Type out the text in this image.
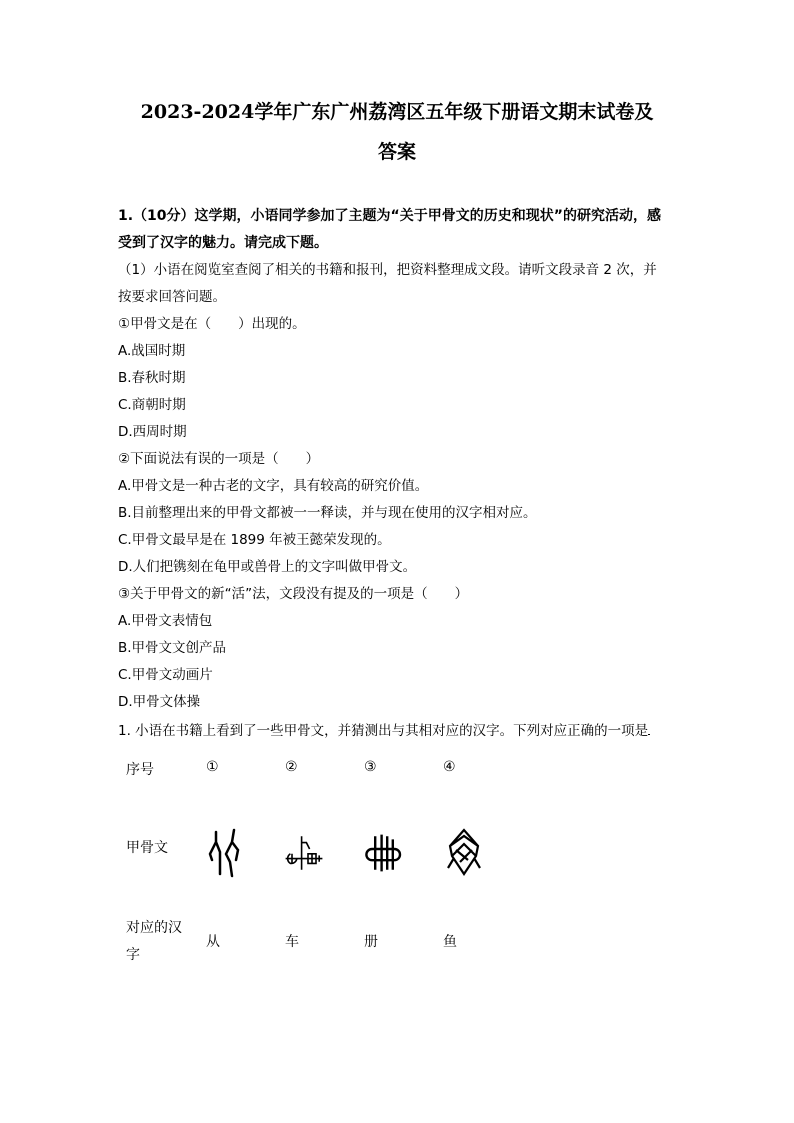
2023-2024学年广东广州荔湾区五年级下册语文期末试卷及
答案
1.（10分）这学期，小语同学参加了主题为“关于甲骨文的历史和现状”的研究活动，感
受到了汉字的魅力。请完成下题。
（1）小语在阅览室查阅了相关的书籍和报刊，把资料整理成文段。请听文段录音 2 次，并
按要求回答问题。
①甲骨文是在（　　）出现的。
A.战国时期
B.春秋时期
C.商朝时期
D.西周时期
②下面说法有误的一项是（　　）
A.甲骨文是一种古老的文字，具有较高的研究价值。
B.目前整理出来的甲骨文都被一一释读，并与现在使用的汉字相对应。
C.甲骨文最早是在 1899 年被王懿荣发现的。
D.人们把镌刻在龟甲或兽骨上的文字叫做甲骨文。
③关于甲骨文的新“活”法，文段没有提及的一项是（　　）
A.甲骨文表情包
B.甲骨文文创产品
C.甲骨文动画片
D.甲骨文体操
1. 小语在书籍上看到了一些甲骨文，并猜测出与其相对应的汉字。下列对应正确的一项是
序号	①	②	③	④
甲骨文
对应的汉
字
从	车	册	鱼
